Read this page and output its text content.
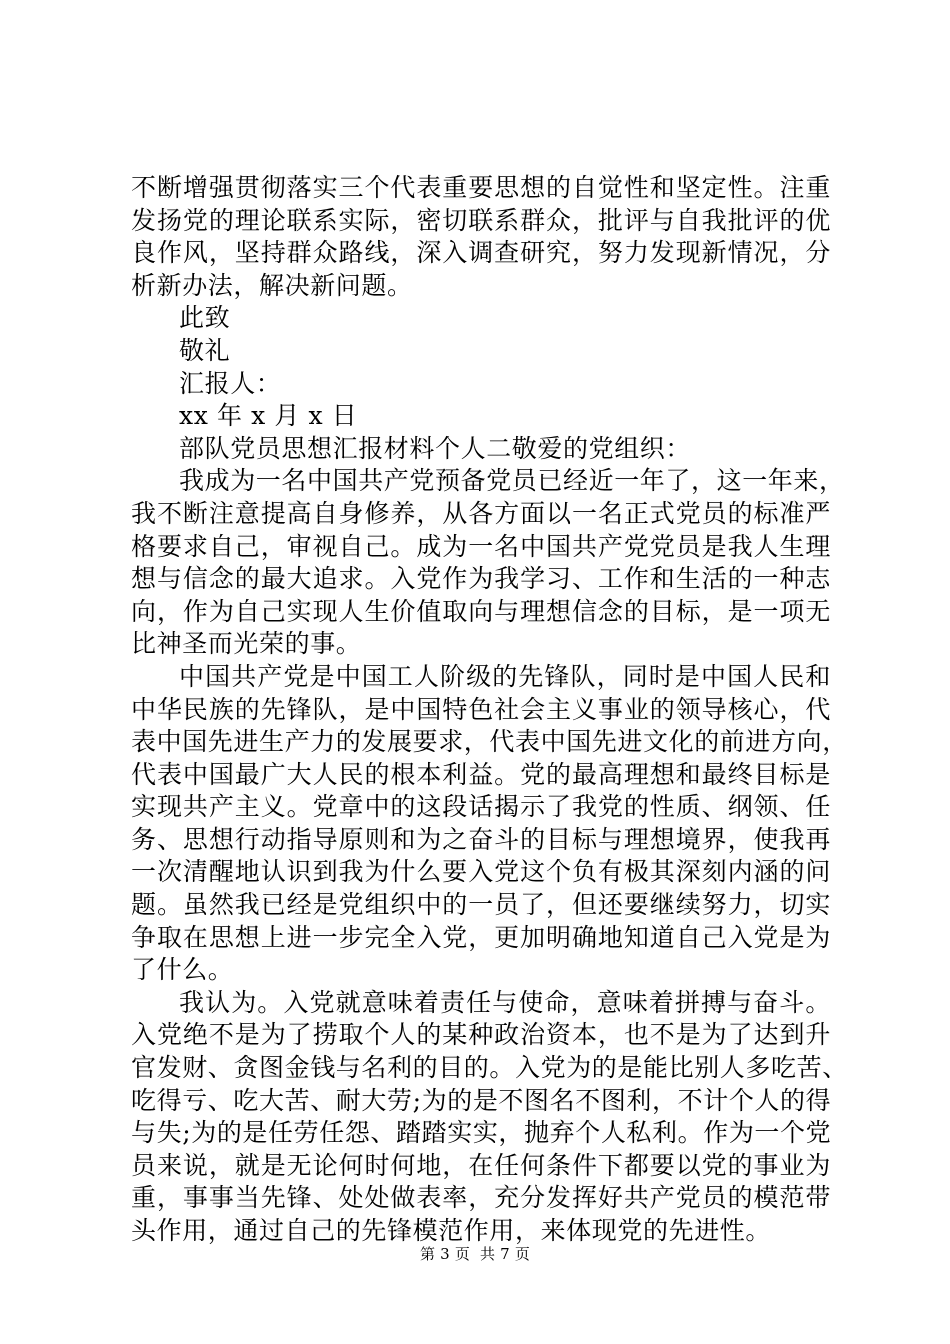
不断增强贯彻落实三个代表重要思想的自觉性和坚定性。注重
发扬党的理论联系实际，密切联系群众，批评与自我批评的优
良作风，坚持群众路线，深入调查研究，努力发现新情况，分
析新办法，解决新问题。
此致
敬礼
汇报人：
xx 年 x 月 x 日
部队党员思想汇报材料个人二敬爱的党组织：
我成为一名中国共产党预备党员已经近一年了，这一年来，
我不断注意提高自身修养，从各方面以一名正式党员的标准严
格要求自己，审视自己。成为一名中国共产党党员是我人生理
想与信念的最大追求。入党作为我学习、工作和生活的一种志
向，作为自己实现人生价值取向与理想信念的目标，是一项无
比神圣而光荣的事。
中国共产党是中国工人阶级的先锋队，同时是中国人民和
中华民族的先锋队，是中国特色社会主义事业的领导核心，代
表中国先进生产力的发展要求，代表中国先进文化的前进方向，
代表中国最广大人民的根本利益。党的最高理想和最终目标是
实现共产主义。党章中的这段话揭示了我党的性质、纲领、任
务、思想行动指导原则和为之奋斗的目标与理想境界，使我再
一次清醒地认识到我为什么要入党这个负有极其深刻内涵的问
题。虽然我已经是党组织中的一员了，但还要继续努力，切实
争取在思想上进一步完全入党，更加明确地知道自己入党是为
了什么。
我认为。入党就意味着责任与使命，意味着拼搏与奋斗。
入党绝不是为了捞取个人的某种政治资本，也不是为了达到升
官发财、贪图金钱与名利的目的。入党为的是能比别人多吃苦、
吃得亏、吃大苦、耐大劳;为的是不图名不图利，不计个人的得
与失;为的是任劳任怨、踏踏实实，抛弃个人私利。作为一个党
员来说，就是无论何时何地，在任何条件下都要以党的事业为
重，事事当先锋、处处做表率，充分发挥好共产党员的模范带
头作用，通过自己的先锋模范作用，来体现党的先进性。
第 3 页  共 7 页
